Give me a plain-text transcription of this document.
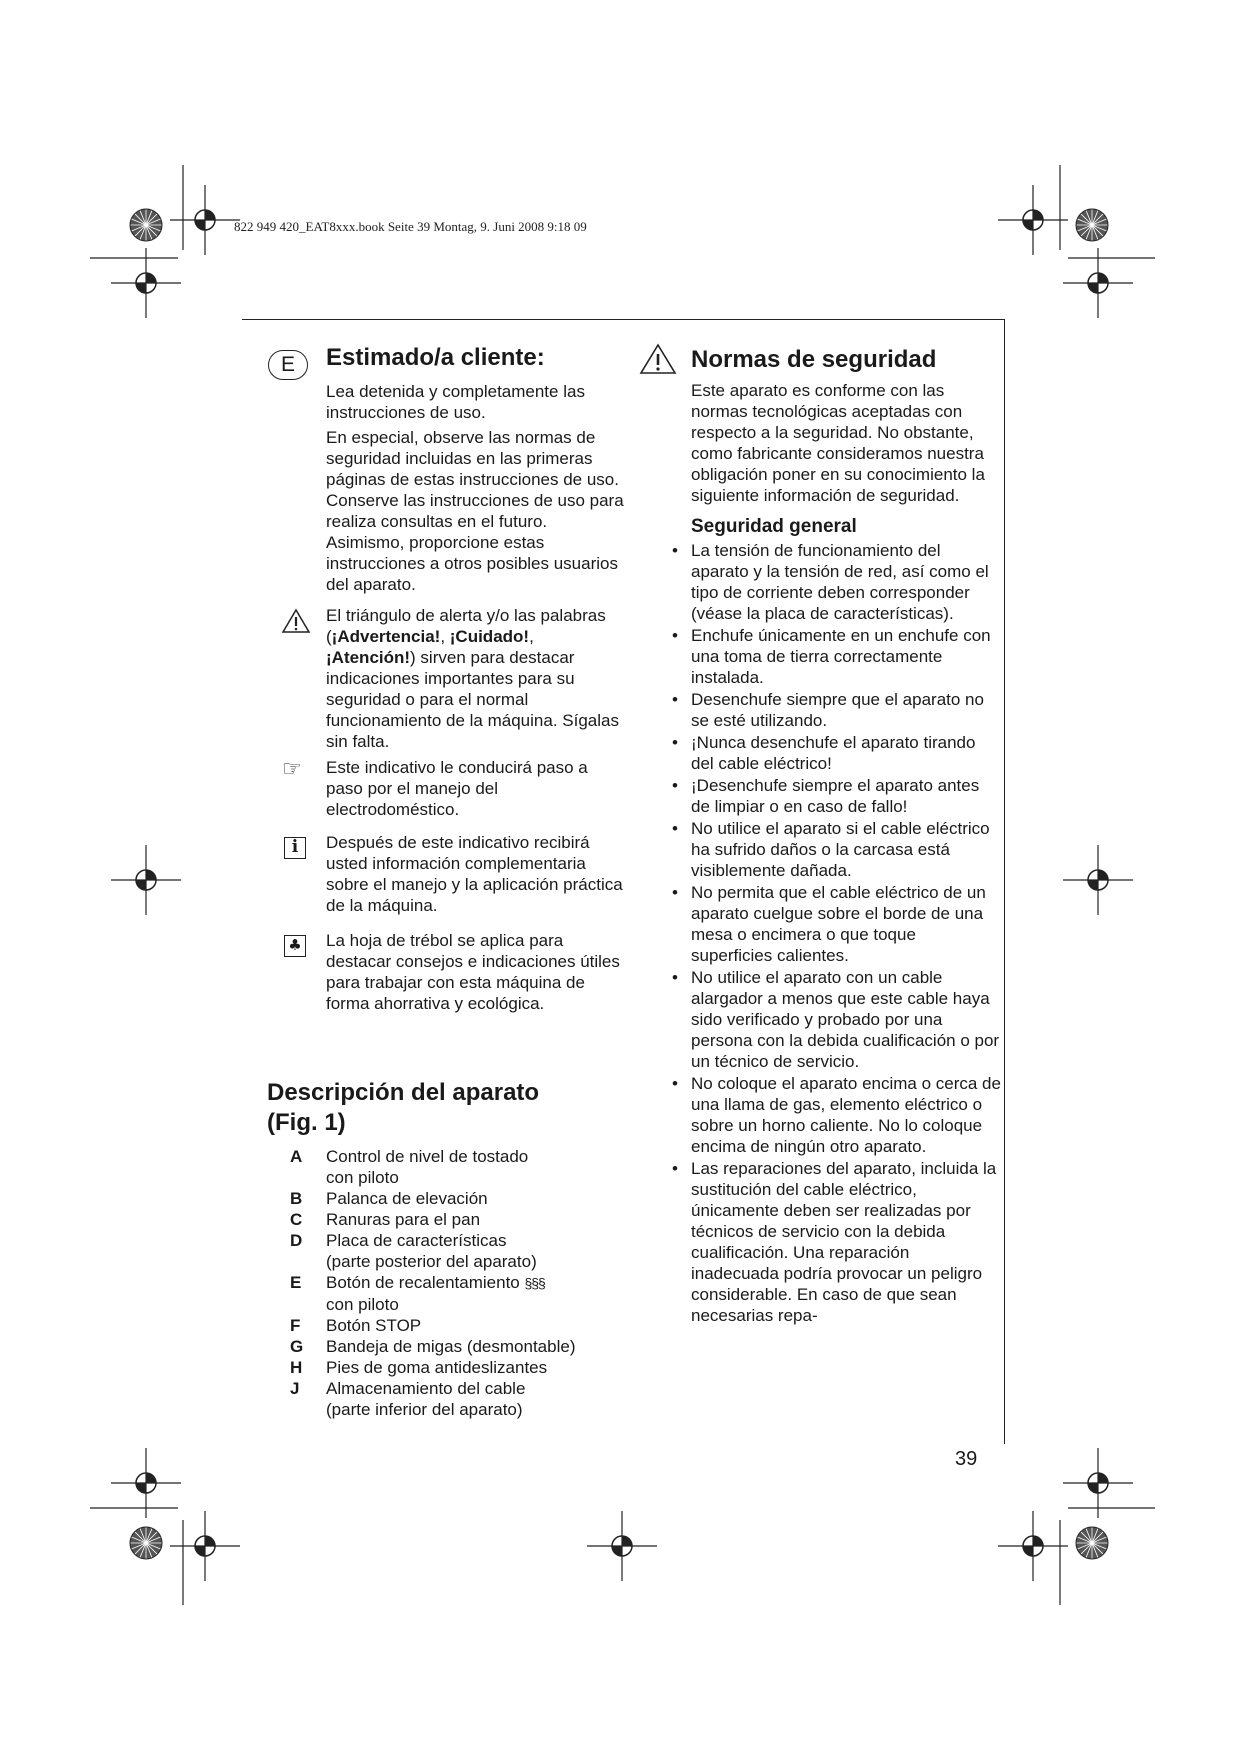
822 949 420_EAT8xxx.book Seite 39 Montag, 9. Juni 2008 9:18 09
E	Estimado/a cliente:

Lea detenida y completamente las instrucciones de uso.

En especial, observe las normas de seguridad incluidas en las primeras páginas de estas instrucciones de uso. Conserve las instrucciones de uso para realiza consultas en el futuro. Asimismo, proporcione estas instrucciones a otros posibles usuarios del aparato.

El triángulo de alerta y/o las palabras (¡Advertencia!, ¡Cuidado!, ¡Atención!) sirven para destacar indicaciones importantes para su seguridad o para el normal funcionamiento de la máquina. Sígalas sin falta.

☞ Este indicativo le conducirá paso a paso por el manejo del electrodoméstico.

i	Después de este indicativo recibirá usted información complementaria sobre el manejo y la aplicación práctica de la máquina.

♣ La hoja de trébol se aplica para destacar consejos e indicaciones útiles para trabajar con esta máquina de forma ahorrativa y ecológica.

Descripción del aparato
(Fig. 1)
A Control de nivel de tostado
con piloto
B Palanca de elevación
C Ranuras para el pan
D Placa de características
(parte posterior del aparato)
E Botón de recalentamiento §§§
con piloto
F Botón STOP
G Bandeja de migas (desmontable)
H Pies de goma antideslizantes
J Almacenamiento del cable
(parte inferior del aparato)
Normas de seguridad

Este aparato es conforme con las normas tecnológicas aceptadas con respecto a la seguridad. No obstante, como fabricante consideramos nuestra obligación poner en su conocimiento la siguiente información de seguridad.

Seguridad general
• La tensión de funcionamiento del aparato y la tensión de red, así como el tipo de corriente deben corresponder (véase la placa de características).
• Enchufe únicamente en un enchufe con una toma de tierra correctamente instalada.
• Desenchufe siempre que el aparato no se esté utilizando.
• ¡Nunca desenchufe el aparato tirando del cable eléctrico!
• ¡Desenchufe siempre el aparato antes de limpiar o en caso de fallo!
• No utilice el aparato si el cable eléctrico ha sufrido daños o la carcasa está visiblemente dañada.
• No permita que el cable eléctrico de un aparato cuelgue sobre el borde de una mesa o encimera o que toque superficies calientes.
• No utilice el aparato con un cable alargador a menos que este cable haya sido verificado y probado por una persona con la debida cualificación o por un técnico de servicio.
• No coloque el aparato encima o cerca de una llama de gas, elemento eléctrico o sobre un horno caliente. No lo coloque encima de ningún otro aparato.
• Las reparaciones del aparato, incluida la sustitución del cable eléctrico, únicamente deben ser realizadas por técnicos de servicio con la debida cualificación. Una reparación inadecuada podría provocar un peligro considerable. En caso de que sean necesarias repa-
39
